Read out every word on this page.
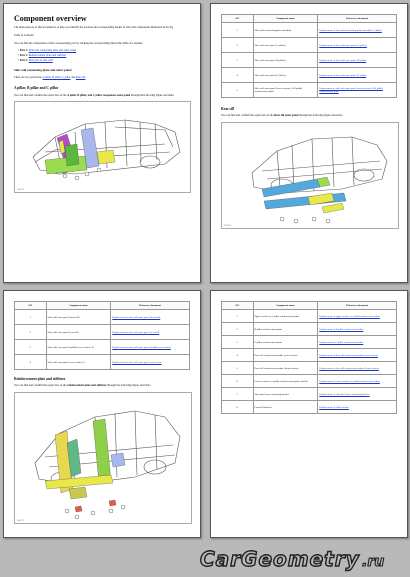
Component overview
The main purpose of this document is to help you identify the location and corresponding details of side wall components illustrated in the fig
Table of Contents
You can find the components of the corresponding part by clicking the corresponding link in the Table of Contents:
• Part 1: Side wall connecting plate and outer panel
• Part 2: Reinforcement plate and stiffener
• Part 3: Rear part of side wall
Side wall connecting plate and outer panel
There are two parts here: A pillar, B pillar, C pillar and Rear sill
A pillar, B pillar and C pillar
You can find and confirm the repair data of the A pillar, B pillar, and C pillar component outer panel through the following figure and table:
E448791
S/N	Component name	Reference document
1	Side wall connecting plate assembly	Replacement of side wall connecting plate assembly (A-pillar)
2	Side wall outer panel (A pillar)	Replacement of side wall outer panel (A pill ar)
3	Side wall outer panel (B pillar)	Replacement of side wall outer panel (B pillar)
4	Side wall outer panel (C pillar)	Replacement of side wall outer panel (C pillar)
5	Side wall outer panel lower section (A-B pillar) reinforcement plate	Replacement of side wall outer panel lower section (A-B pillar) reinforcement plate
Rear sill
You can find and confirm the repair data of the Rear sill outer panel through the following figure and table:
E448792
S/N	Component name	Reference document
1	Side wall outer panel (front sill)	Replacement of side wall outer panel (front sill)
2	Side wall outer panel (rear sill)	Replacement of side wall outer panel (rear sill)
3	Side wall outer panel (middle) rear section (1)	Replacement of side wall outer panel (middle rear section)
4	Side wall outer panel rear section (2)	Replacement of side wall outer panel rear section
Reinforcement plate and stiffener
You can find and confirm the repair data of the reinforcement plate and stiffener through the following figure and table:
E448793
S/N	Component name	Reference document
1	Upper section of A pillar reinforcement plate	Replacement of upper section of A pillar reinforcement plate
2	B pillar reinforcement plate	Replacement of B pillar reinforcement plate
3	C pillar reinforcement plate	Replacement of C pillar reinforcement plate
4	Door sill reinforcement plate (rear section)	Replacement of door sill reinforcement plate (rear section)
5	Door sill reinforcement plate (front section)	Replacement of door sill reinforcement plate (front section)
6	Lower section of A pillar reinforcement plate (inside)	Replacement of lower section of A pillar reinforcement plate
7	Side panel inner mounting bracket	Replacement of side panel inner mounting bracket
8	Front sill bracket	Replacement of pillar bracket
CarGeometry .ru
